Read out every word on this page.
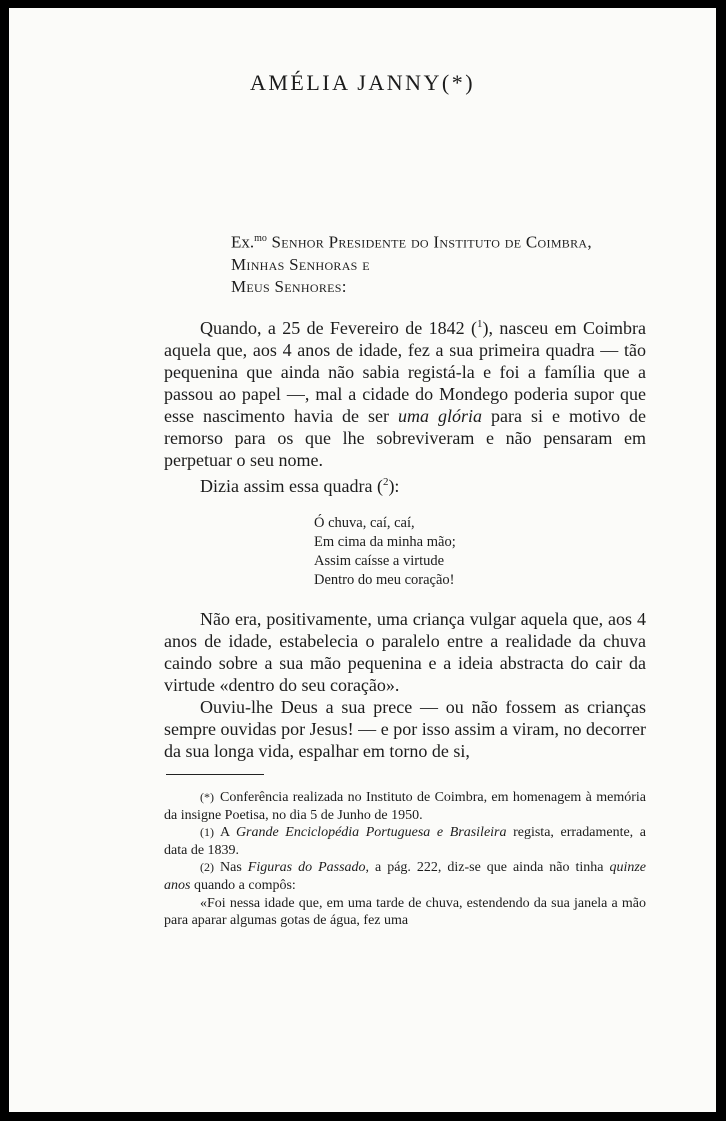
AMÉLIA JANNY(*)
Ex.$^{mo}$ Senhor Presidente do Instituto de Coimbra,
Minhas Senhoras e
Meus Senhores:

Quando, a 25 de Fevereiro de 1842 ($^1$), nasceu em Coimbra aquela que, aos 4 anos de idade, fez a sua primeira quadra — tão pequenina que ainda não sabia registá-la e foi a família que a passou ao papel —, mal a cidade do Mondego poderia supor que esse nascimento havia de ser uma glória para si e motivo de remorso para os que lhe sobreviveram e não pensaram em perpetuar o seu nome.

Dizia assim essa quadra ($^2$):

Ó chuva, caí, caí,
Em cima da minha mão;
Assim caísse a virtude
Dentro do meu coração!

Não era, positivamente, uma criança vulgar aquela que, aos 4 anos de idade, estabelecia o paralelo entre a realidade da chuva caindo sobre a sua mão pequenina e a ideia abstracta do cair da virtude «dentro do seu coração».

Ouviu-lhe Deus a sua prece — ou não fossem as crianças sempre ouvidas por Jesus! — e por isso assim a viram, no decorrer da sua longa vida, espalhar em torno de si,

(*) Conferência realizada no Instituto de Coimbra, em homenagem à memória da insigne Poetisa, no dia 5 de Junho de 1950.

(1) A Grande Enciclopédia Portuguesa e Brasileira regista, erradamente, a data de 1839.

(2) Nas Figuras do Passado, a pág. 222, diz-se que ainda não tinha quinze anos quando a compôs:

«Foi nessa idade que, em uma tarde de chuva, estendendo da sua janela a mão para aparar algumas gotas de água, fez uma
